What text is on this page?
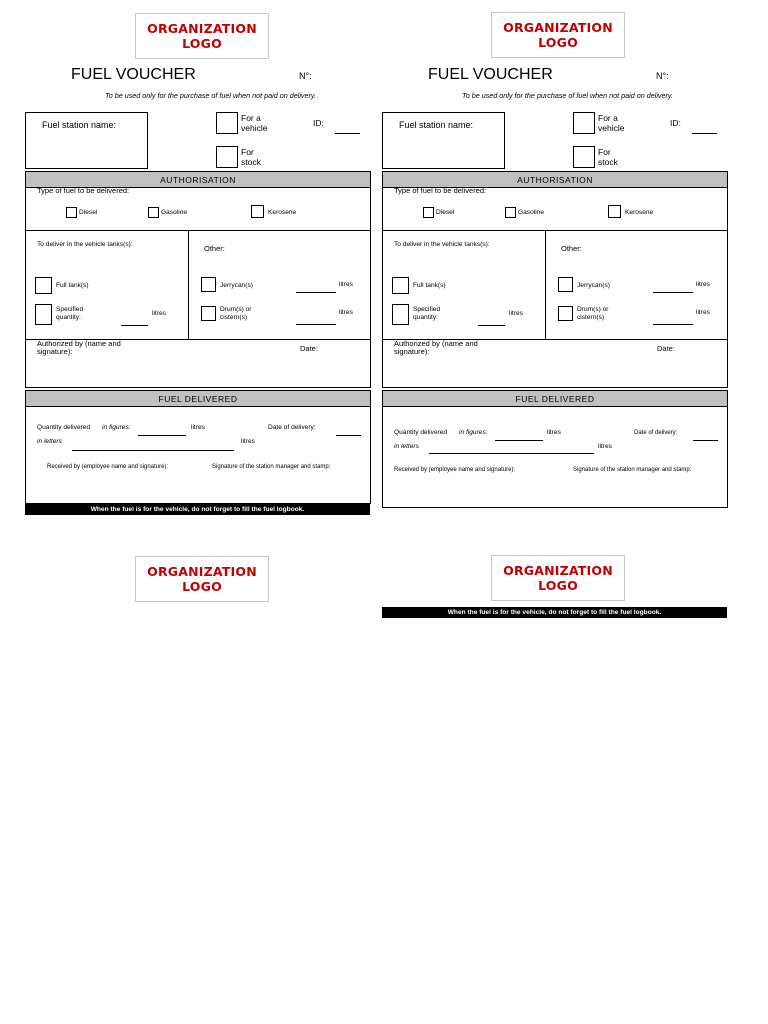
ORGANIZATION
LOGO
ORGANIZATION
LOGO
ORGANIZATION
LOGO
ORGANIZATION
LOGO
FUEL VOUCHER	N°:
To be used only for the purchase of fuel when not paid on delivery.
Fuel station name:
For a vehicle	ID:
For stock
AUTHORISATION
Type of fuel to be delivered:
Diesel	Gasoline	Kerosene
To deliver in the vehicle tanks(s):
Full tank(s)
Specified quantity:
litres
Other:
Jerrycan(s)	litres
Drum(s) or cistern(s)
litres
Authorized by (name and signature):	Date:
FUEL DELIVERED
Quantity delivered in figures:	litres	Date of delivery:
in letters	litres
Received by (employee name and signature):	Signature of the station manager and stamp:
When the fuel is for the vehicle, do not forget to fill the fuel logbook.
FUEL VOUCHER	N°:
To be used only for the purchase of fuel when not paid on delivery.
Fuel station name:
For a vehicle	ID:
For stock
AUTHORISATION
Type of fuel to be delivered:
Diesel	Gasoline	Kerosene
To deliver in the vehicle tanks(s):
Full tank(s)
Specified quantity:
litres
Other:
Jerrycan(s)	litres
Drum(s) or cistern(s)
litres
Authorized by (name and signature):	Date:
FUEL DELIVERED
Quantity delivered in figures:	litres	Date of delivery:
in letters	litres
Received by (employee name and signature):	Signature of the station manager and stamp:
When the fuel is for the vehicle, do not forget to fill the fuel logbook.
